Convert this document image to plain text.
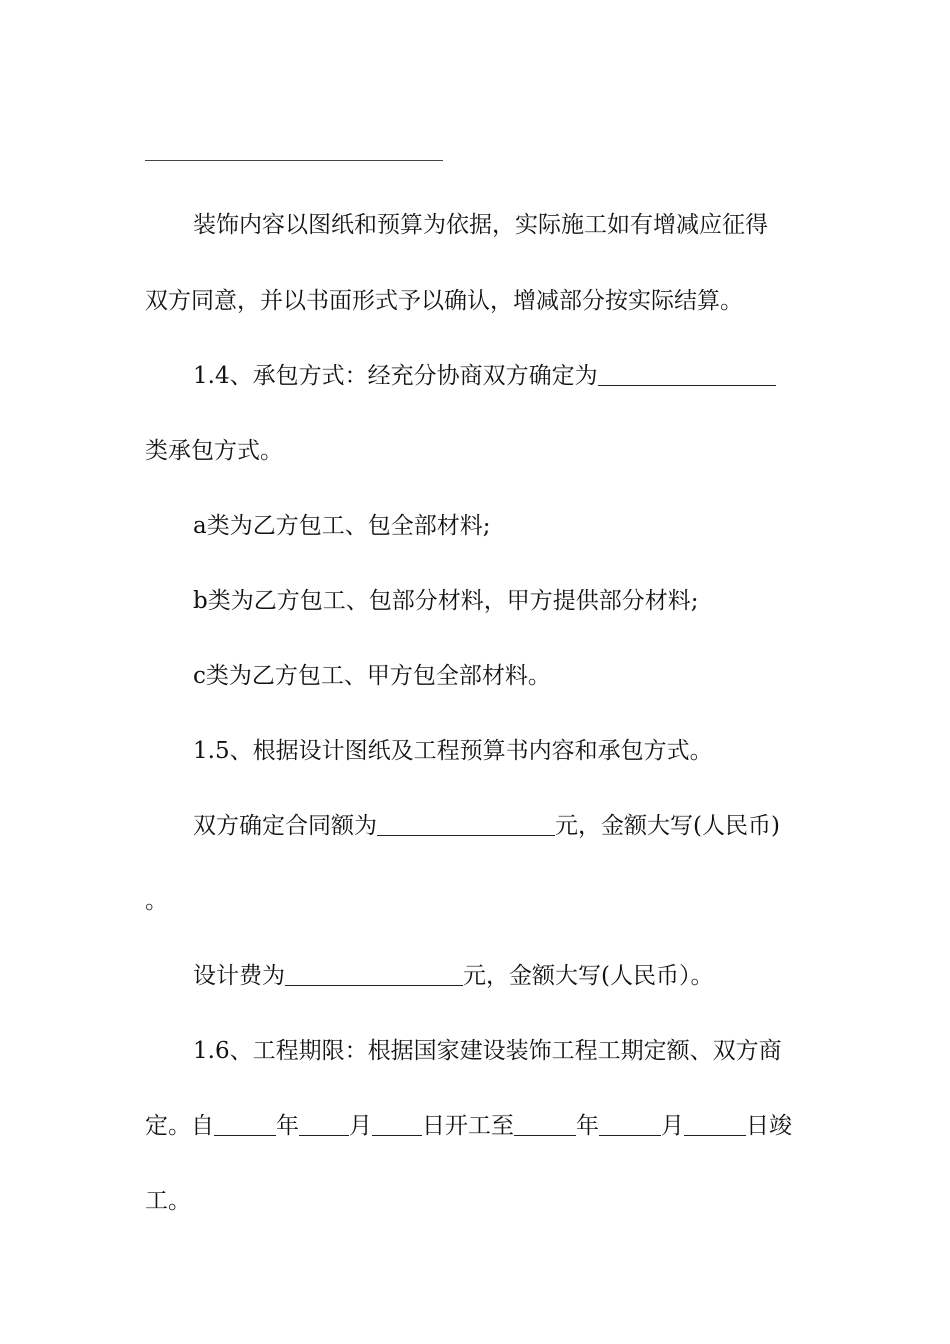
装饰内容以图纸和预算为依据，实际施工如有增减应征得
双方同意，并以书面形式予以确认，增减部分按实际结算。
1.4、承包方式：经充分协商双方确定为
类承包方式。
a类为乙方包工、包全部材料;
b类为乙方包工、包部分材料，甲方提供部分材料;
c类为乙方包工、甲方包全部材料。
1.5、根据设计图纸及工程预算书内容和承包方式。
双方确定合同额为	元，金额大写(人民币)
。
设计费为	元，金额大写(人民币）。
1.6、工程期限：根据国家建设装饰工程工期定额、双方商
定。自	年 月 日开工至	年	月	日竣
工。
